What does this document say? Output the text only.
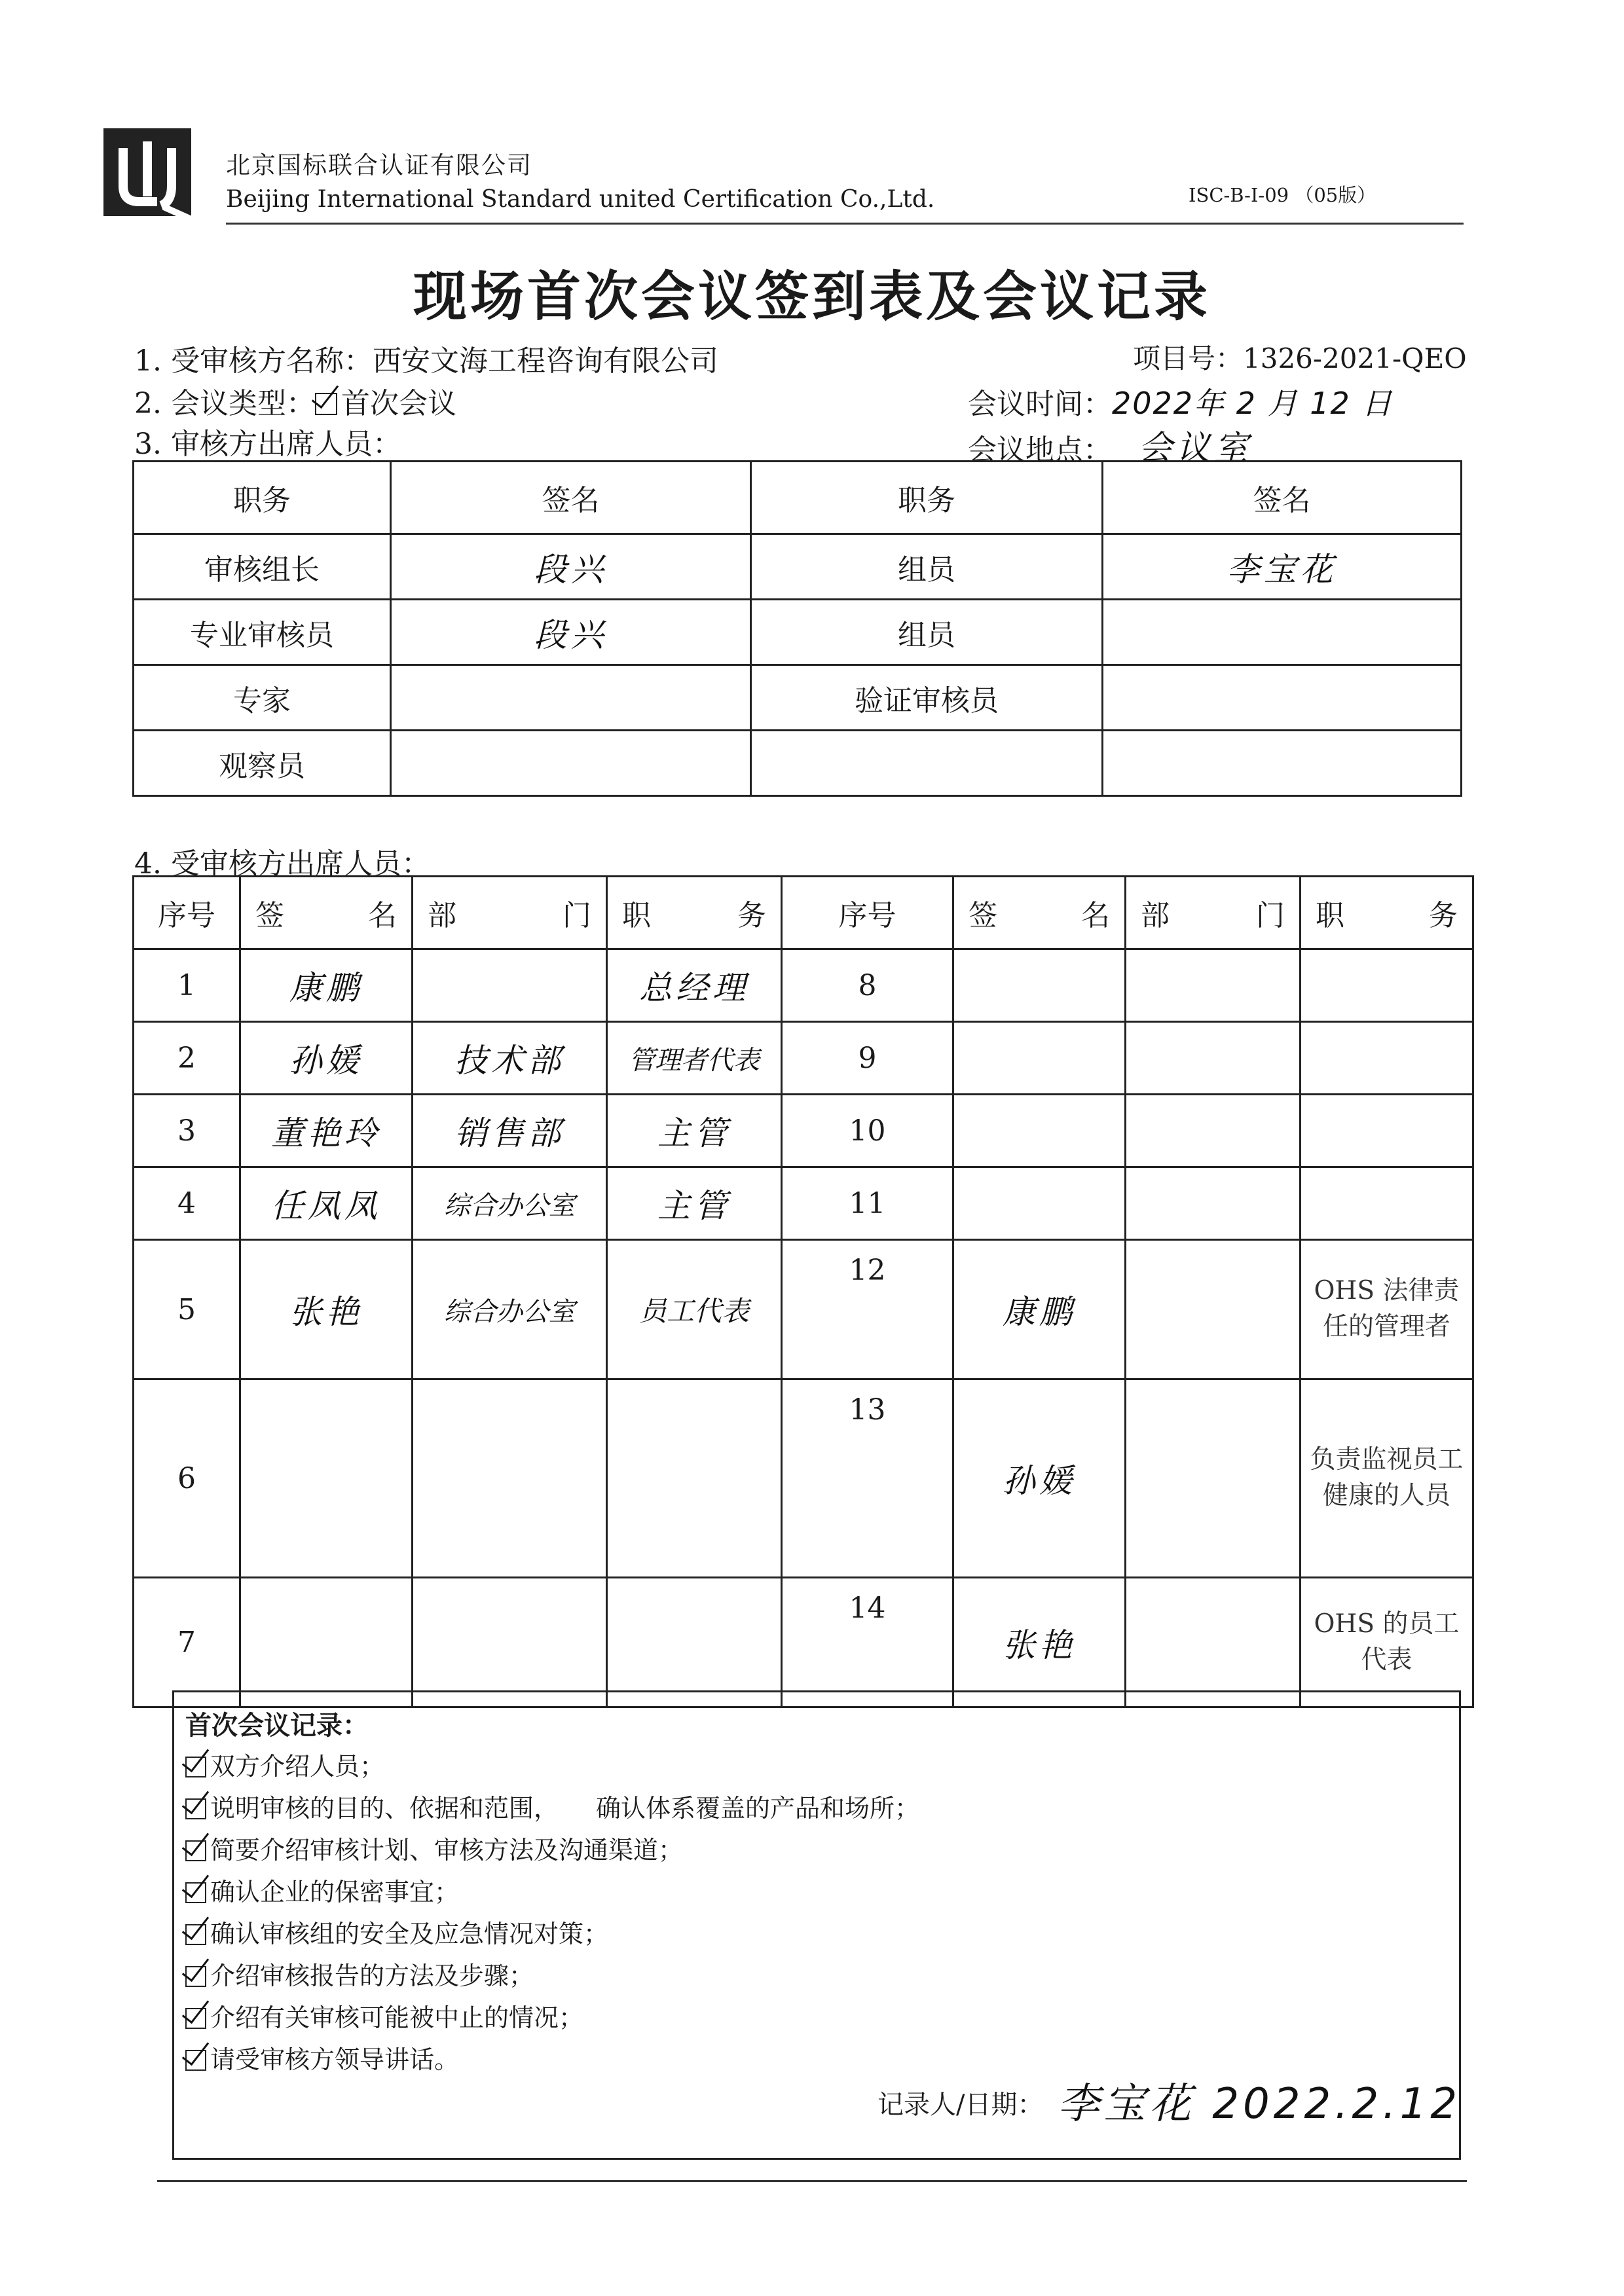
北京国标联合认证有限公司
Beijing International Standard united Certification Co.,Ltd.	ISC-B-I-09 （05版）
现场首次会议签到表及会议记录
1. 受审核方名称：西安文海工程咨询有限公司	项目号：1326-2021-QEO
2. 会议类型： 首次会议	会议时间：2022年 2 月 12 日
3. 审核方出席人员：	会议地点： 会议室
职务	签名	职务	签名
审核组长	段兴	组员	李宝花
专业审核员	段兴	组员	
专家		验证审核员	
观察员			
4. 受审核方出席人员：
序号	签 名	部 门	职 务	序号	签 名	部 门	职 务

1	康鹏		总经理	8			
2	孙媛	技术部	管理者代表	9			
3	董艳玲	销售部	主管	10			
4	任凤凤	综合办公室	主管	11			
5	张艳	综合办公室	员工代表	12	康鹏		OHS 法律责任的管理者
6				13	孙媛		负责监视员工健康的人员
7				14	张艳		OHS 的员工代表
首次会议记录：
双方介绍人员；
说明审核的目的、依据和范围，　　确认体系覆盖的产品和场所；
简要介绍审核计划、审核方法及沟通渠道；
确认企业的保密事宜；
确认审核组的安全及应急情况对策；
介绍审核报告的方法及步骤；
介绍有关审核可能被中止的情况；
请受审核方领导讲话。
记录人/日期： 李宝花 2022.2.12
